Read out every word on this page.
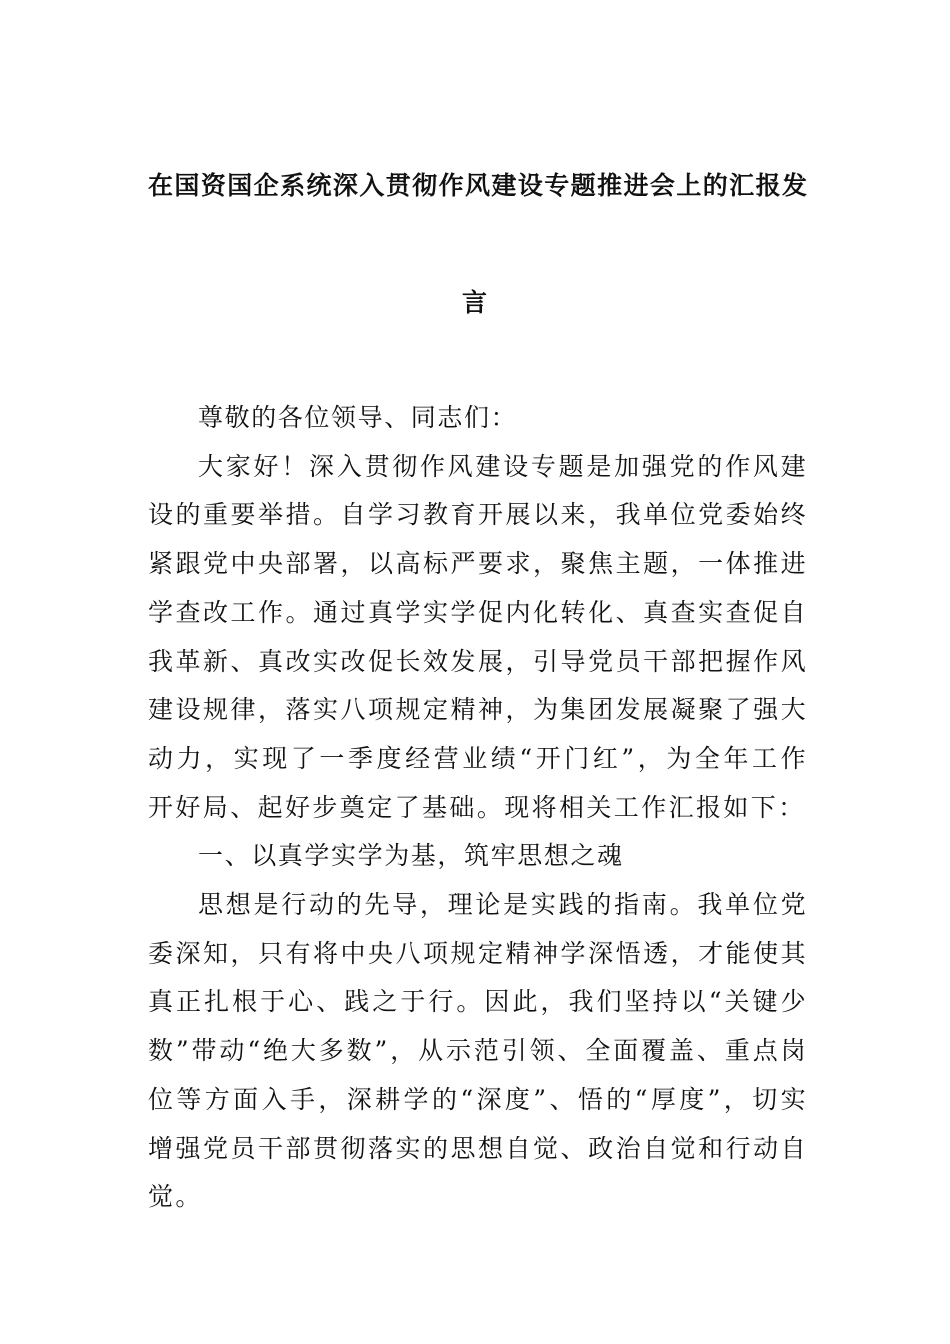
在国资国企系统深入贯彻作风建设专题推进会上的汇报发
言

尊敬的各位领导、同志们：

大家好！深入贯彻作风建设专题是加强党的作风建设的重要举措。自学习教育开展以来，我单位党委始终紧跟党中央部署，以高标严要求，聚焦主题，一体推进学查改工作。通过真学实学促内化转化、真查实查促自我革新、真改实改促长效发展，引导党员干部把握作风建设规律，落实八项规定精神，为集团发展凝聚了强大动力，实现了一季度经营业绩“开门红”，为全年工作开好局、起好步奠定了基础。现将相关工作汇报如下：

一、以真学实学为基，筑牢思想之魂

思想是行动的先导，理论是实践的指南。我单位党委深知，只有将中央八项规定精神学深悟透，才能使其真正扎根于心、践之于行。因此，我们坚持以“关键少数”带动“绝大多数”，从示范引领、全面覆盖、重点岗位等方面入手，深耕学的“深度”、悟的“厚度”，切实增强党员干部贯彻落实的思想自觉、政治自觉和行动自觉。
